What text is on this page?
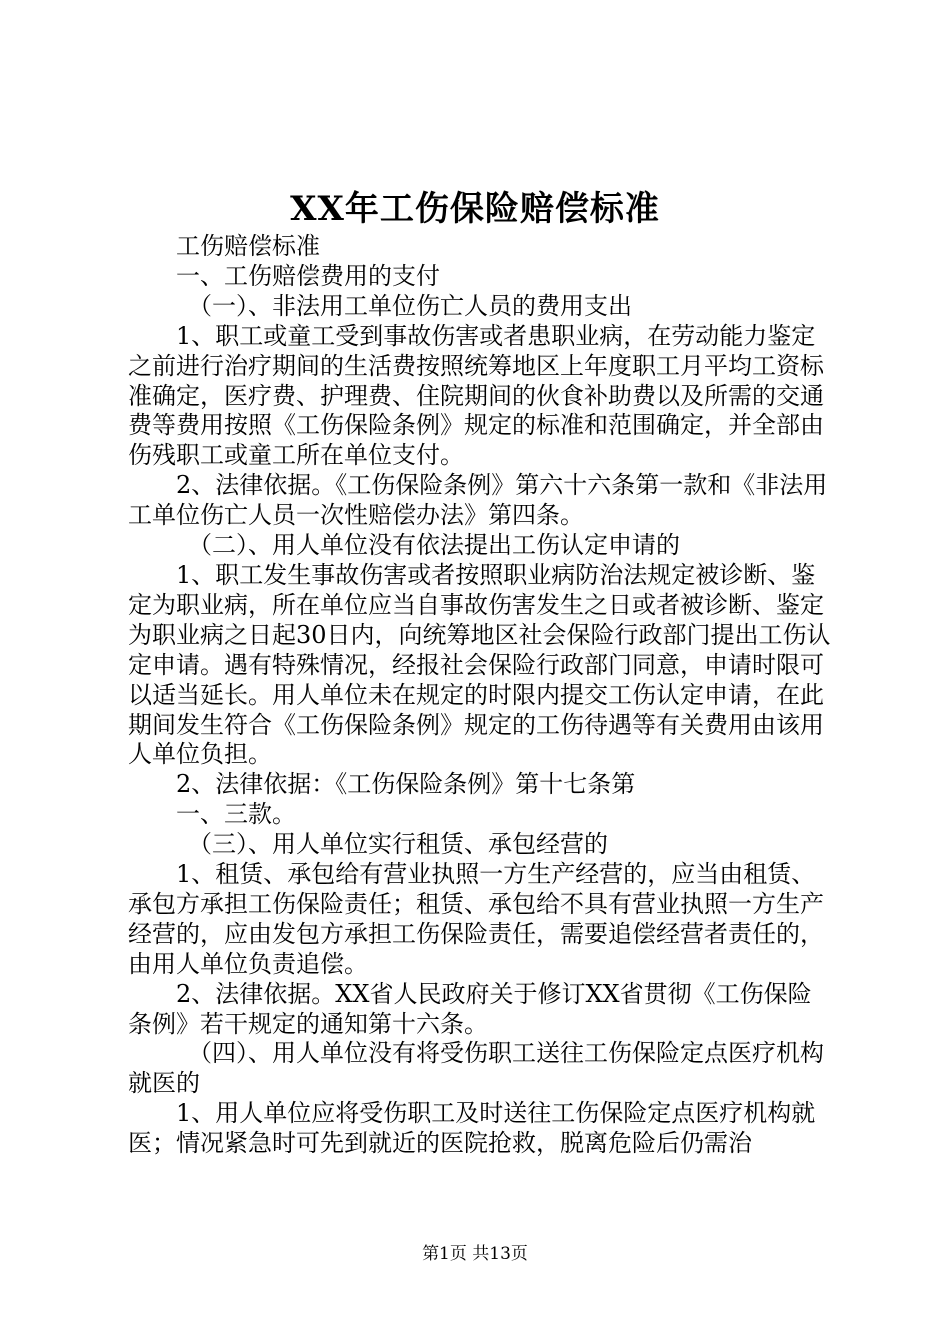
XX年工伤保险赔偿标准

工伤赔偿标准

一、工伤赔偿费用的支付

（一）、非法用工单位伤亡人员的费用支出

1、职工或童工受到事故伤害或者患职业病，在劳动能力鉴定之前进行治疗期间的生活费按照统筹地区上年度职工月平均工资标准确定，医疗费、护理费、住院期间的伙食补助费以及所需的交通费等费用按照《工伤保险条例》规定的标准和范围确定，并全部由伤残职工或童工所在单位支付。

2、法律依据。《工伤保险条例》第六十六条第一款和《非法用工单位伤亡人员一次性赔偿办法》第四条。

（二）、用人单位没有依法提出工伤认定申请的

1、职工发生事故伤害或者按照职业病防治法规定被诊断、鉴定为职业病，所在单位应当自事故伤害发生之日或者被诊断、鉴定为职业病之日起30日内，向统筹地区社会保险行政部门提出工伤认定申请。遇有特殊情况，经报社会保险行政部门同意，申请时限可以适当延长。用人单位未在规定的时限内提交工伤认定申请，在此期间发生符合《工伤保险条例》规定的工伤待遇等有关费用由该用人单位负担。

2、法律依据：《工伤保险条例》第十七条第

一、三款。

（三）、用人单位实行租赁、承包经营的

1、租赁、承包给有营业执照一方生产经营的，应当由租赁、承包方承担工伤保险责任；租赁、承包给不具有营业执照一方生产经营的，应由发包方承担工伤保险责任，需要追偿经营者责任的，由用人单位负责追偿。

2、法律依据。XX省人民政府关于修订XX省贯彻《工伤保险条例》若干规定的通知第十六条。

（四）、用人单位没有将受伤职工送往工伤保险定点医疗机构就医的

1、用人单位应将受伤职工及时送往工伤保险定点医疗机构就医；情况紧急时可先到就近的医院抢救，脱离危险后仍需治

第1页 共13页
